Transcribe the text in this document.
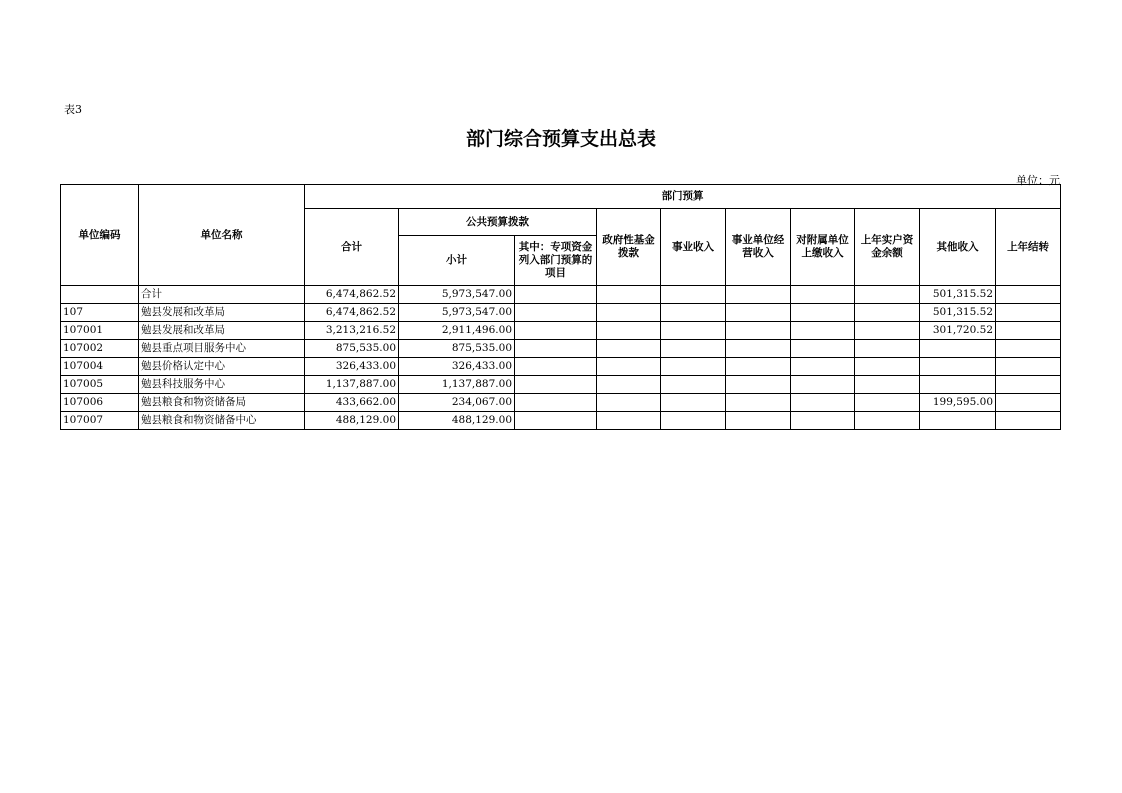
表3
部门综合预算支出总表
单位：元
单位编码	单位名称	部门预算									
		合计	公共预算拨款		政府性基金拨款	事业收入	事业单位经营收入	对附属单位上缴收入	上年实户资金余额	其他收入	上年结转
			小计	其中：专项资金列入部门预算的项目							
	合计	6,474,862.52	5,973,547.00							501,315.52	
107	勉县发展和改革局	6,474,862.52	5,973,547.00							501,315.52	
107001	勉县发展和改革局	3,213,216.52	2,911,496.00							301,720.52	
107002	勉县重点项目服务中心	875,535.00	875,535.00								
107004	勉县价格认定中心	326,433.00	326,433.00								
107005	勉县科技服务中心	1,137,887.00	1,137,887.00								
107006	勉县粮食和物资储备局	433,662.00	234,067.00							199,595.00	
107007	勉县粮食和物资储备中心	488,129.00	488,129.00								
